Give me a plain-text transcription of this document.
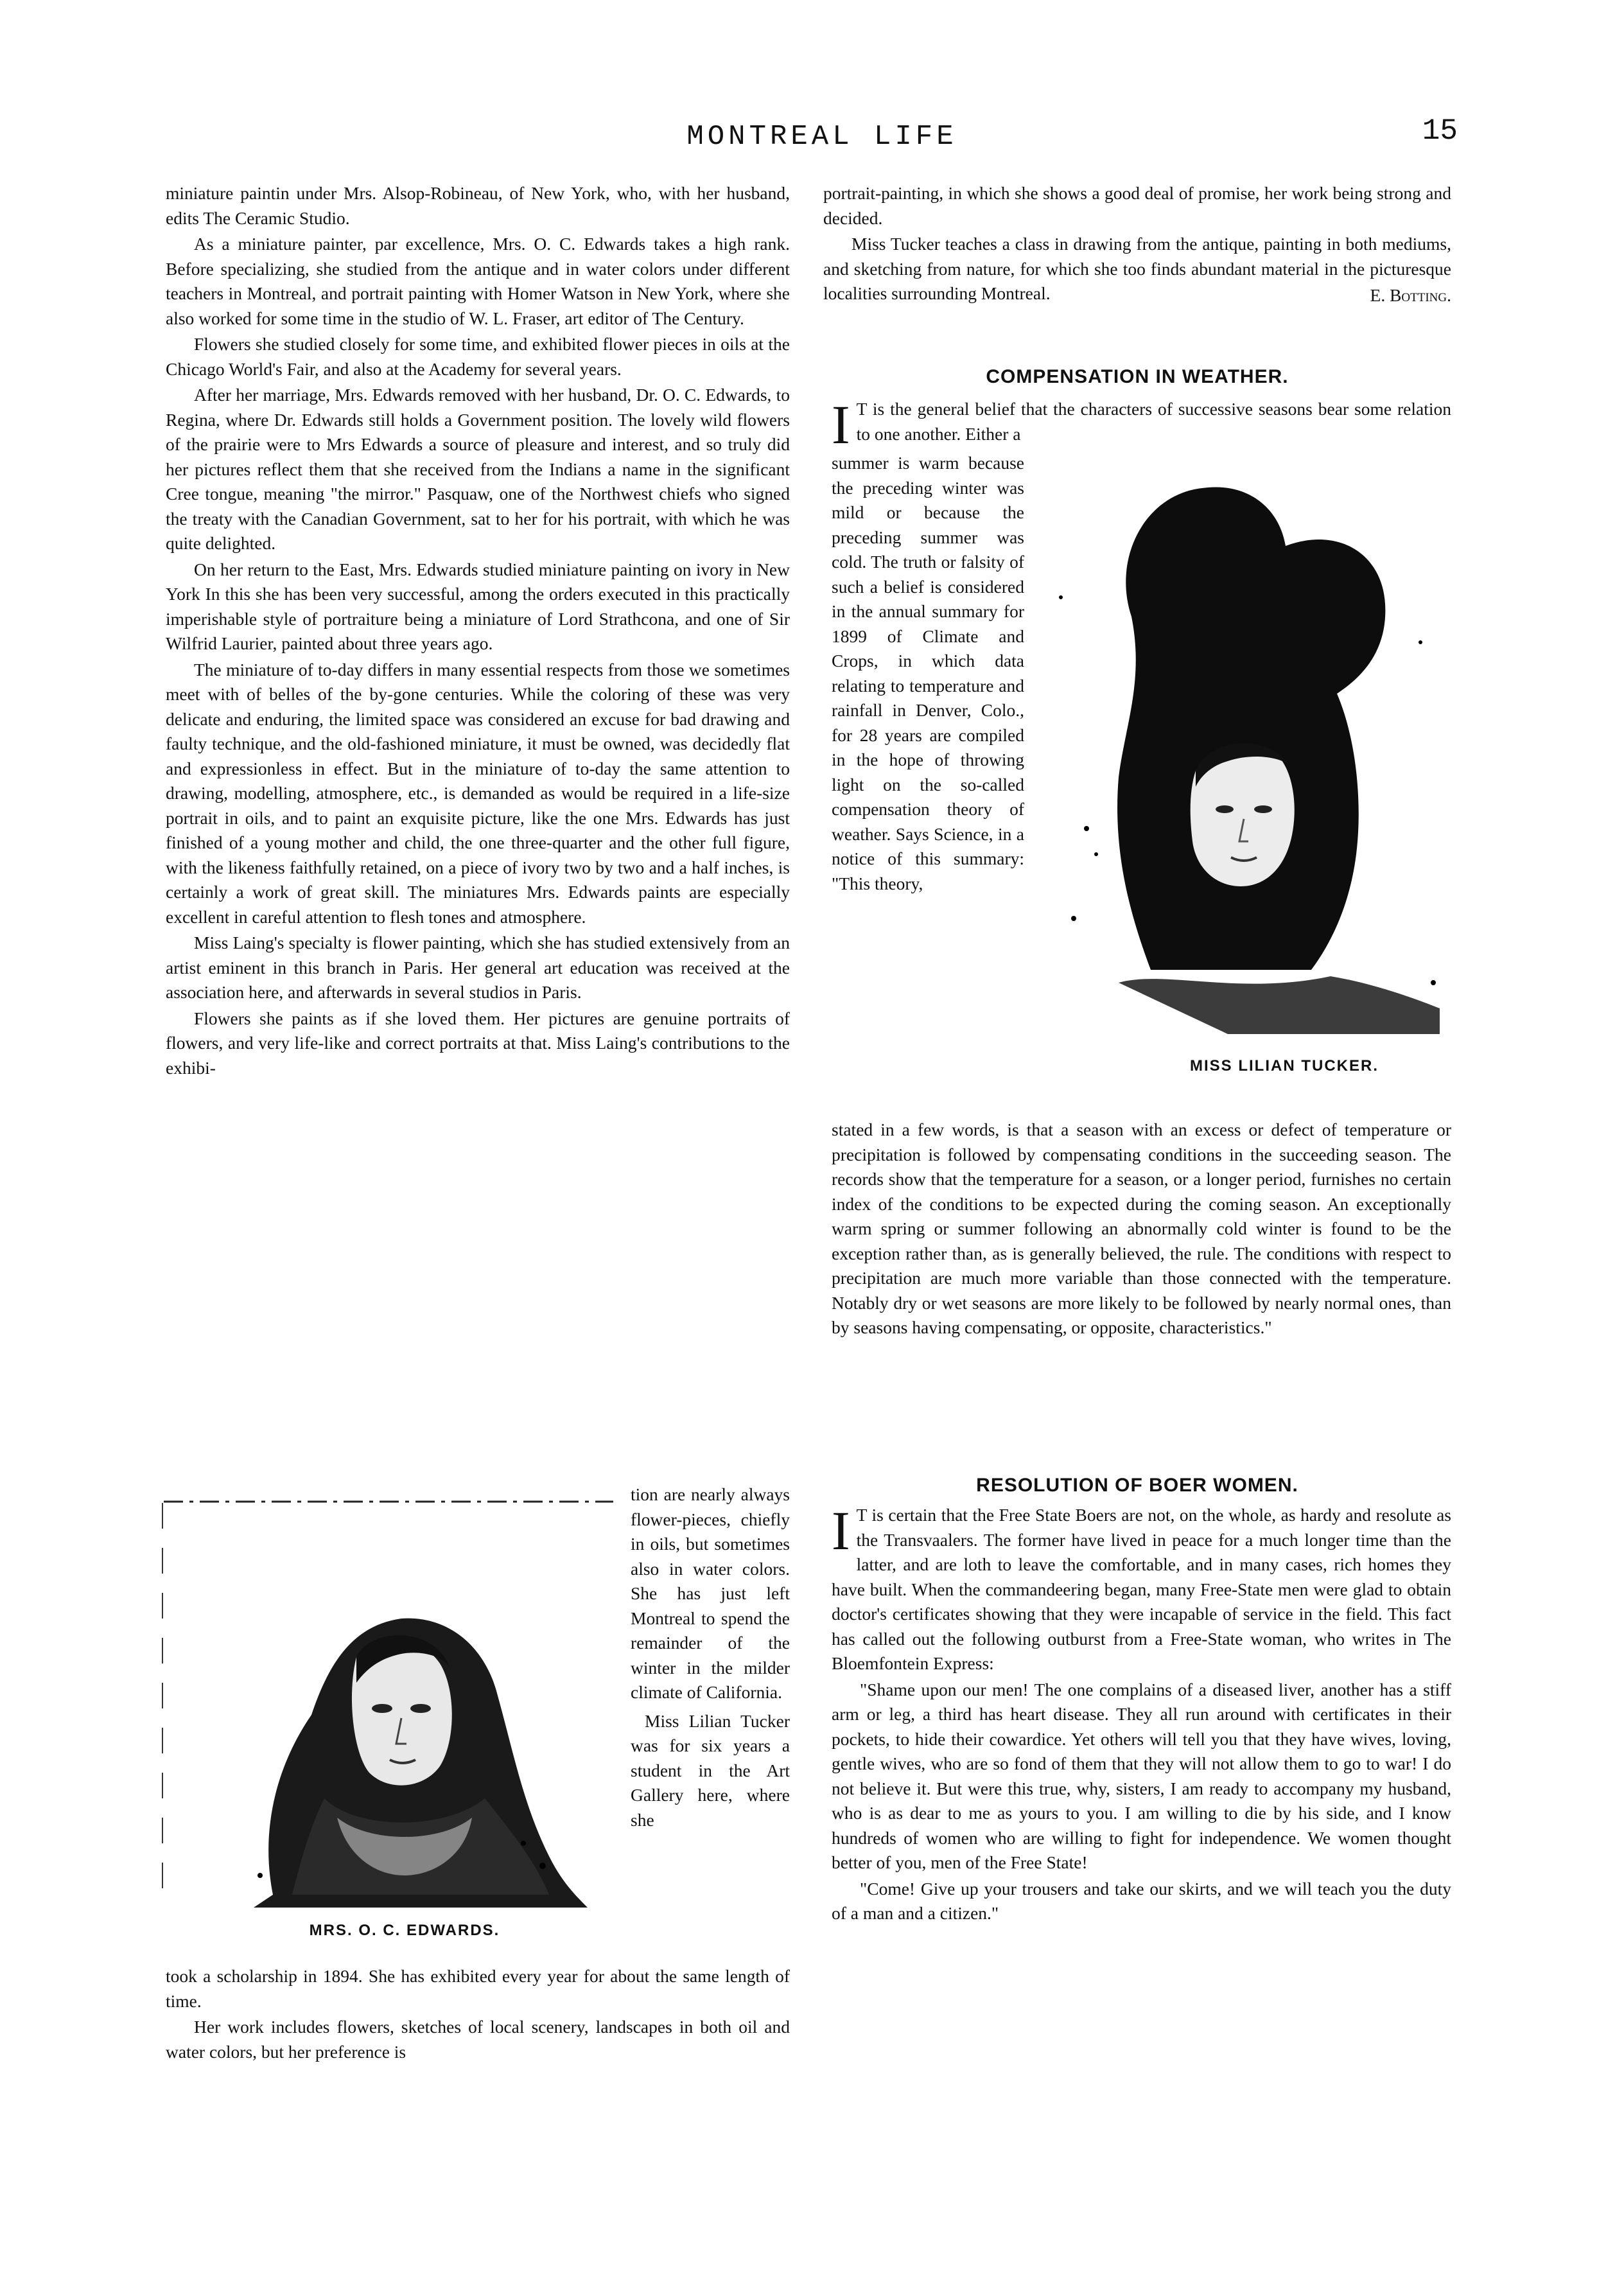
MONTREAL LIFE	15

miniature paintin under Mrs. Alsop-Robineau, of New York, who, with her husband, edits The Ceramic Studio.

As a miniature painter, par excellence, Mrs. O. C. Edwards takes a high rank. Before specializing, she studied from the antique and in water colors under different teachers in Montreal, and portrait painting with Homer Watson in New York, where she also worked for some time in the studio of W. L. Fraser, art editor of The Century.

Flowers she studied closely for some time, and exhibited flower pieces in oils at the Chicago World's Fair, and also at the Academy for several years.

After her marriage, Mrs. Edwards removed with her husband, Dr. O. C. Edwards, to Regina, where Dr. Edwards still holds a Government position. The lovely wild flowers of the prairie were to Mrs Edwards a source of pleasure and interest, and so truly did her pictures reflect them that she received from the Indians a name in the significant Cree tongue, meaning "the mirror." Pasquaw, one of the Northwest chiefs who signed the treaty with the Canadian Government, sat to her for his portrait, with which he was quite delighted.

On her return to the East, Mrs. Edwards studied miniature painting on ivory in New York In this she has been very successful, among the orders executed in this practically imperishable style of portraiture being a miniature of Lord Strathcona, and one of Sir Wilfrid Laurier, painted about three years ago.

The miniature of to-day differs in many essential respects from those we sometimes meet with of belles of the by-gone centuries. While the coloring of these was very delicate and enduring, the limited space was considered an excuse for bad drawing and faulty technique, and the old-fashioned miniature, it must be owned, was decidedly flat and expressionless in effect. But in the miniature of to-day the same attention to drawing, modelling, atmosphere, etc., is demanded as would be required in a life-size portrait in oils, and to paint an exquisite picture, like the one Mrs. Edwards has just finished of a young mother and child, the one three-quarter and the other full figure, with the likeness faithfully retained, on a piece of ivory two by two and a half inches, is certainly a work of great skill. The miniatures Mrs. Edwards paints are especially excellent in careful attention to flesh tones and atmosphere.

Miss Laing's specialty is flower painting, which she has studied extensively from an artist eminent in this branch in Paris. Her general art education was received at the association here, and afterwards in several studios in Paris.

Flowers she paints as if she loved them. Her pictures are genuine portraits of flowers, and very life-like and correct portraits at that. Miss Laing's contributions to the exhibi-

MRS. O. C. EDWARDS.

tion are nearly always flower-pieces, chiefly in oils, but sometimes also in water colors. She has just left Montreal to spend the remainder of the winter in the milder climate of California.

Miss Lilian Tucker was for six years a student in the Art Gallery here, where she

took a scholarship in 1894. She has exhibited every year for about the same length of time.

Her work includes flowers, sketches of local scenery, landscapes in both oil and water colors, but her preference is

portrait-painting, in which she shows a good deal of promise, her work being strong and decided.

Miss Tucker teaches a class in drawing from the antique, painting in both mediums, and sketching from nature, for which she too finds abundant material in the picturesque localities surrounding Montreal.	E. Botting.
COMPENSATION IN WEATHER.

I T is the general belief that the characters of successive seasons bear some relation to one another. Either a

summer is warm because the preceding winter was mild or because the preceding summer was cold. The truth or falsity of such a belief is considered in the annual summary for 1899 of Climate and Crops, in which data relating to temperature and rainfall in Denver, Colo., for 28 years are compiled in the hope of throwing light on the so-called compensation theory of weather. Says Science, in a notice of this summary: "This theory,

MISS LILIAN TUCKER.

stated in a few words, is that a season with an excess or defect of temperature or precipitation is followed by compensating conditions in the succeeding season. The records show that the temperature for a season, or a longer period, furnishes no certain index of the conditions to be expected during the coming season. An exceptionally warm spring or summer following an abnormally cold winter is found to be the exception rather than, as is generally believed, the rule. The conditions with respect to precipitation are much more variable than those connected with the temperature. Notably dry or wet seasons are more likely to be followed by nearly normal ones, than by seasons having compensating, or opposite, characteristics."

RESOLUTION OF BOER WOMEN.

I T is certain that the Free State Boers are not, on the whole, as hardy and resolute as the Transvaalers. The former have lived in peace for a much longer time than the latter, and are loth to leave the comfortable, and in many cases, rich homes they have built. When the commandeering began, many Free-State men were glad to obtain doctor's certificates showing that they were incapable of service in the field. This fact has called out the following outburst from a Free-State woman, who writes in The Bloemfontein Express:

"Shame upon our men! The one complains of a diseased liver, another has a stiff arm or leg, a third has heart disease. They all run around with certificates in their pockets, to hide their cowardice. Yet others will tell you that they have wives, loving, gentle wives, who are so fond of them that they will not allow them to go to war! I do not believe it. But were this true, why, sisters, I am ready to accompany my husband, who is as dear to me as yours to you. I am willing to die by his side, and I know hundreds of women who are willing to fight for independence. We women thought better of you, men of the Free State!

"Come! Give up your trousers and take our skirts, and we will teach you the duty of a man and a citizen."
